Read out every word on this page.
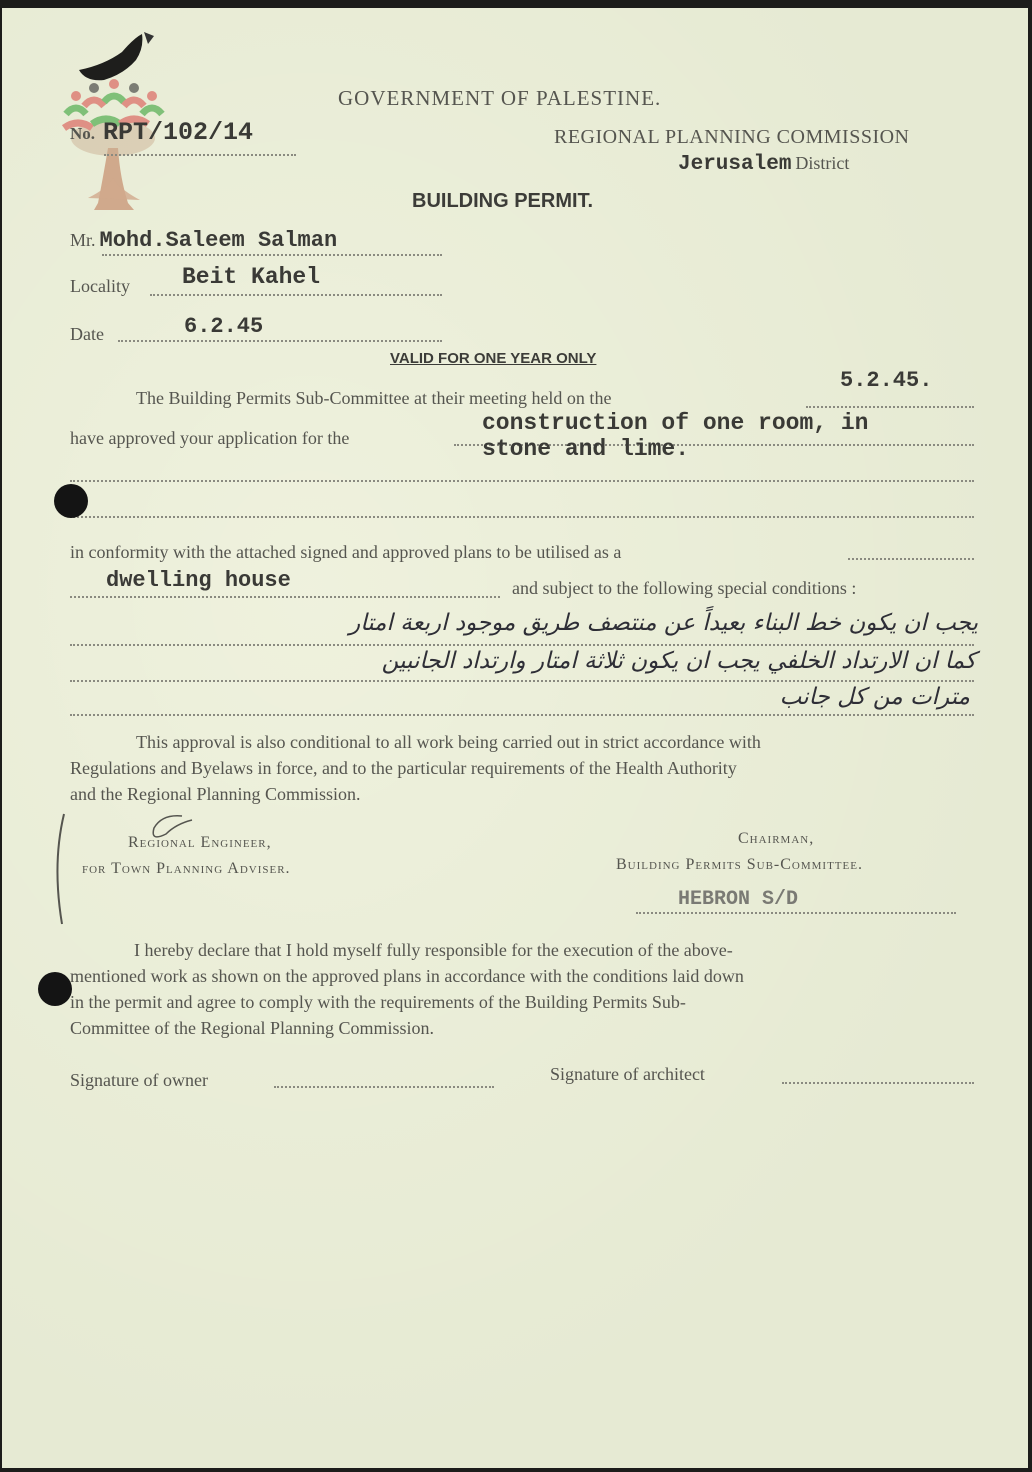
GOVERNMENT OF PALESTINE.
No. RPT/102/14	REGIONAL PLANNING COMMISSION
Jerusalem District
BUILDING PERMIT.
Mr. Mohd.Saleem Salman
Locality Beit Kahel
Date	6.2.45
VALID FOR ONE YEAR ONLY
The Building Permits Sub-Committee at their meeting held on the
5.2.45.
have approved your application for the
construction of one room, in
stone and lime.
in conformity with the attached signed and approved plans to be utilised as a
dwelling house	and subject to the following special conditions :
يجب ان يكون خط البناء بعيداً عن منتصف طريق موجود اربعة امتار
كما ان الارتداد الخلفي يجب ان يكون ثلاثة امتار وارتداد الجانبين
مترات من كل جانب
This approval is also conditional to all work being carried out in strict accordance with
Regulations and Byelaws in force, and to the particular requirements of the Health Authority
and the Regional Planning Commission.
Regional Engineer,
for Town Planning Adviser.
Chairman,
Building Permits Sub-Committee.
HEBRON S/D
I hereby declare that I hold myself fully responsible for the execution of the above-
mentioned work as shown on the approved plans in accordance with the conditions laid down
in the permit and agree to comply with the requirements of the Building Permits Sub-
Committee of the Regional Planning Commission.
Signature of owner	Signature of architect
